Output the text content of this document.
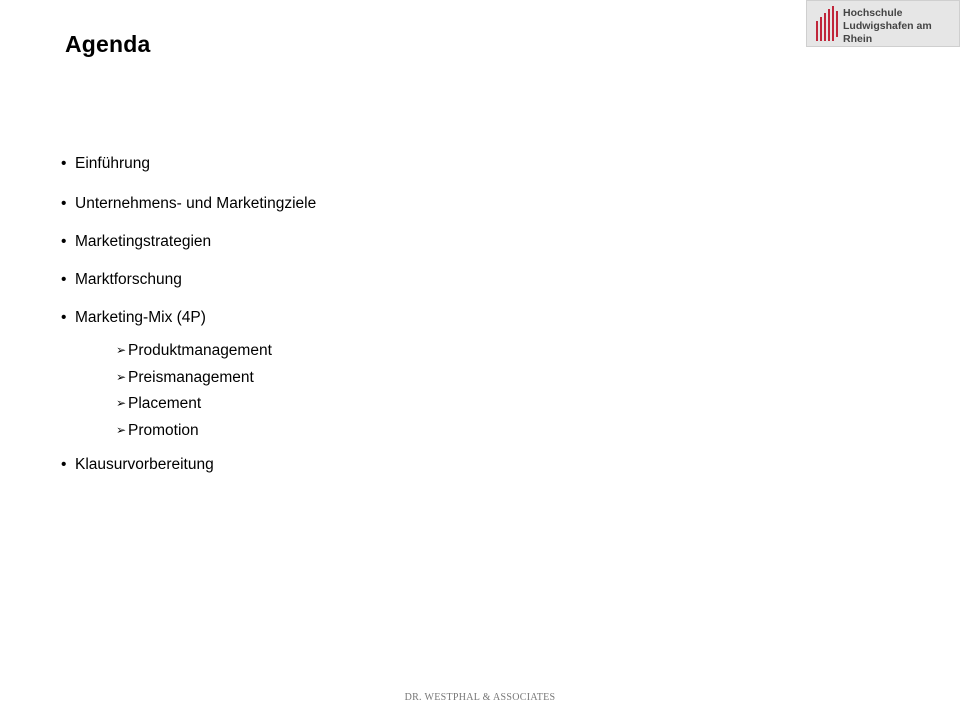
Agenda
Hochschule
Ludwigshafen am Rhein
• Einführung
• Unternehmens- und Marketingziele
• Marketingstrategien
• Marktforschung
• Marketing-Mix (4P)
• Klausurvorbereitung
➢ Produktmanagement
➢ Preismanagement
➢ Placement
➢ Promotion
DR. WESTPHAL & ASSOCIATES
